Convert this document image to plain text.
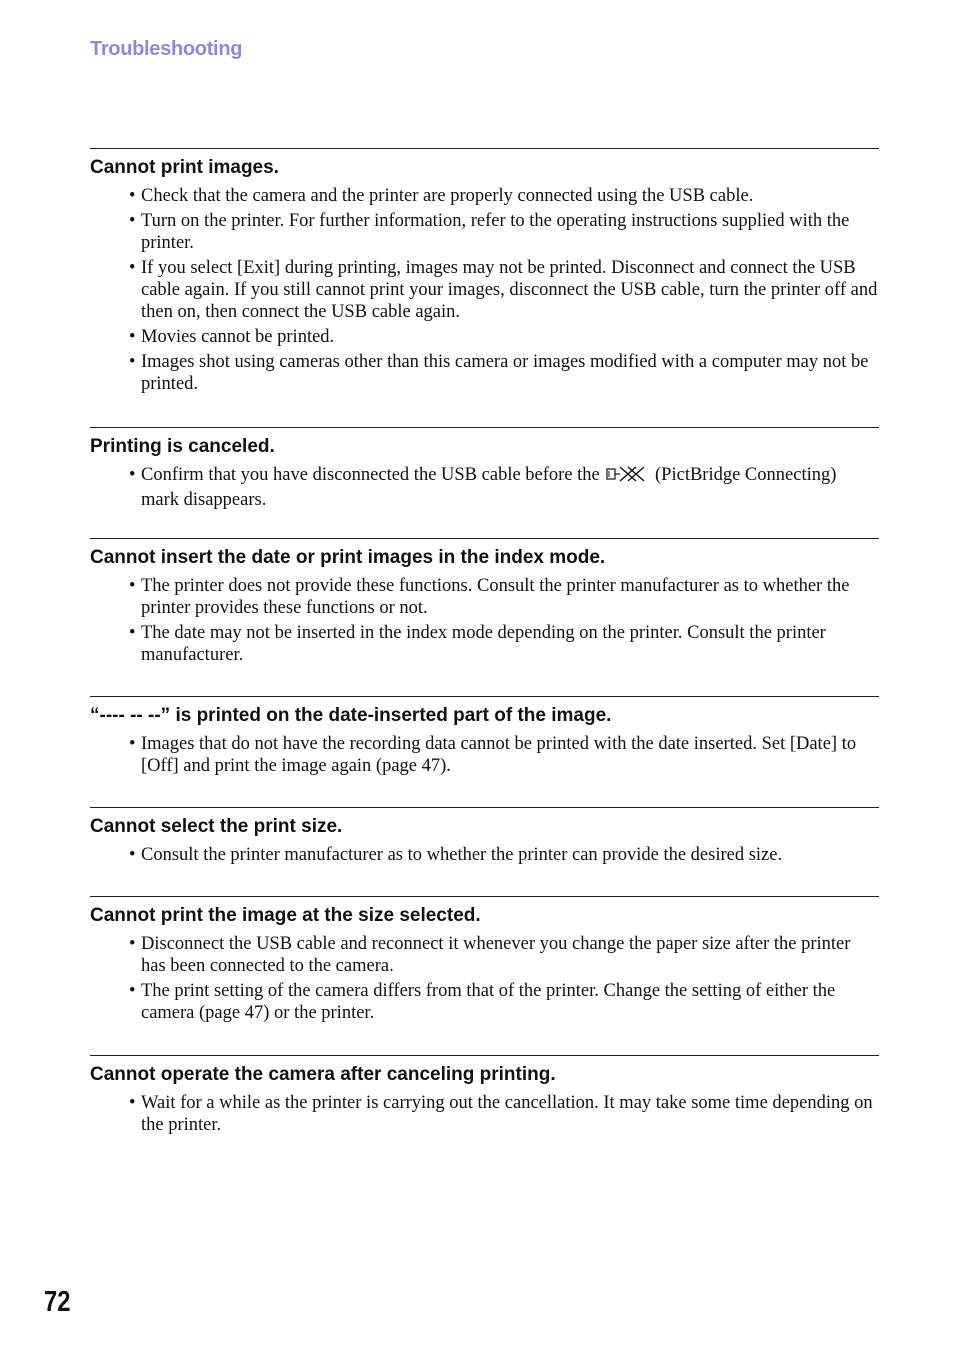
Troubleshooting
Cannot print images.
• Check that the camera and the printer are properly connected using the USB cable.
• Turn on the printer. For further information, refer to the operating instructions supplied with the printer.
• If you select [Exit] during printing, images may not be printed. Disconnect and connect the USB cable again. If you still cannot print your images, disconnect the USB cable, turn the printer off and then on, then connect the USB cable again.
• Movies cannot be printed.
• Images shot using cameras other than this camera or images modified with a computer may not be printed.
Printing is canceled.
• Confirm that you have disconnected the USB cable before the	(PictBridge Connecting) mark disappears.
Cannot insert the date or print images in the index mode.
• The printer does not provide these functions. Consult the printer manufacturer as to whether the printer provides these functions or not.
• The date may not be inserted in the index mode depending on the printer. Consult the printer manufacturer.
“---- -- --” is printed on the date-inserted part of the image.
• Images that do not have the recording data cannot be printed with the date inserted. Set [Date] to [Off] and print the image again (page 47).
Cannot select the print size.
• Consult the printer manufacturer as to whether the printer can provide the desired size.
Cannot print the image at the size selected.
• Disconnect the USB cable and reconnect it whenever you change the paper size after the printer has been connected to the camera.
• The print setting of the camera differs from that of the printer. Change the setting of either the camera (page 47) or the printer.
Cannot operate the camera after canceling printing.
• Wait for a while as the printer is carrying out the cancellation. It may take some time depending on the printer.
72
